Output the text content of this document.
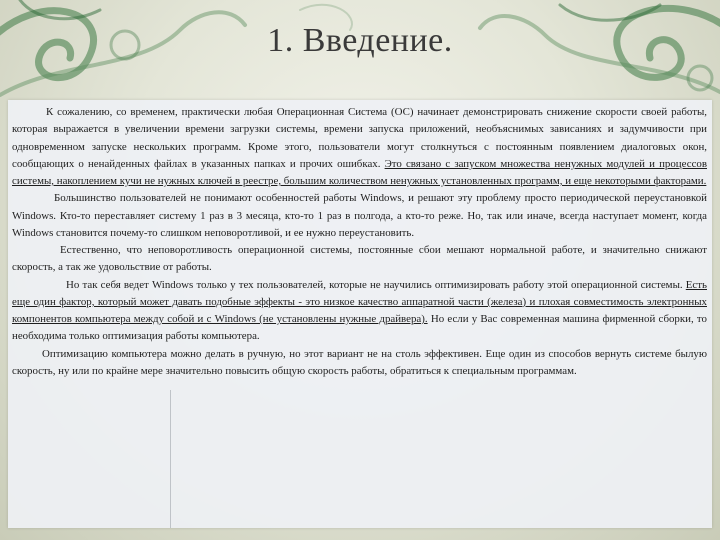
1. Введение.

К сожалению, со временем, практически любая Операционная Система (ОС) начинает демонстрировать снижение скорости своей работы, которая выражается в увеличении времени загрузки системы, времени запуска приложений, необъяснимых зависаниях и задумчивости при одновременном запуске нескольких программ. Кроме этого, пользователи могут столкнуться с постоянным появлением диалоговых окон, сообщающих о ненайденных файлах в указанных папках и прочих ошибках. Это связано с запуском множества ненужных модулей и процессов системы, накоплением кучи не нужных ключей в реестре, большим количеством ненужных установленных программ, и еще некоторыми факторами.

Большинство пользователей не понимают особенностей работы Windows, и решают эту проблему просто периодической переустановкой Windows. Кто-то переставляет систему 1 раз в 3 месяца, кто-то 1 раз в полгода, а кто-то реже. Но, так или иначе, всегда наступает момент, когда Windows становится почему-то слишком неповоротливой, и ее нужно переустановить.

Естественно, что неповоротливость операционной системы, постоянные сбои мешают нормальной работе, и значительно снижают скорость, а так же удовольствие от работы.

Но так себя ведет Windows только у тех пользователей, которые не научились оптимизировать работу этой операционной системы. Есть еще один фактор, который может давать подобные эффекты - это низкое качество аппаратной части (железа) и плохая совместимость электронных компонентов компьютера между собой и с Windows (не установлены нужные драйвера). Но если у Вас современная машина фирменной сборки, то необходима только оптимизация работы компьютера.

Оптимизацию компьютера можно делать в ручную, но этот вариант не на столь эффективен. Еще один из способов вернуть системе былую скорость, ну или по крайне мере значительно повысить общую скорость работы, обратиться к специальным программам.
